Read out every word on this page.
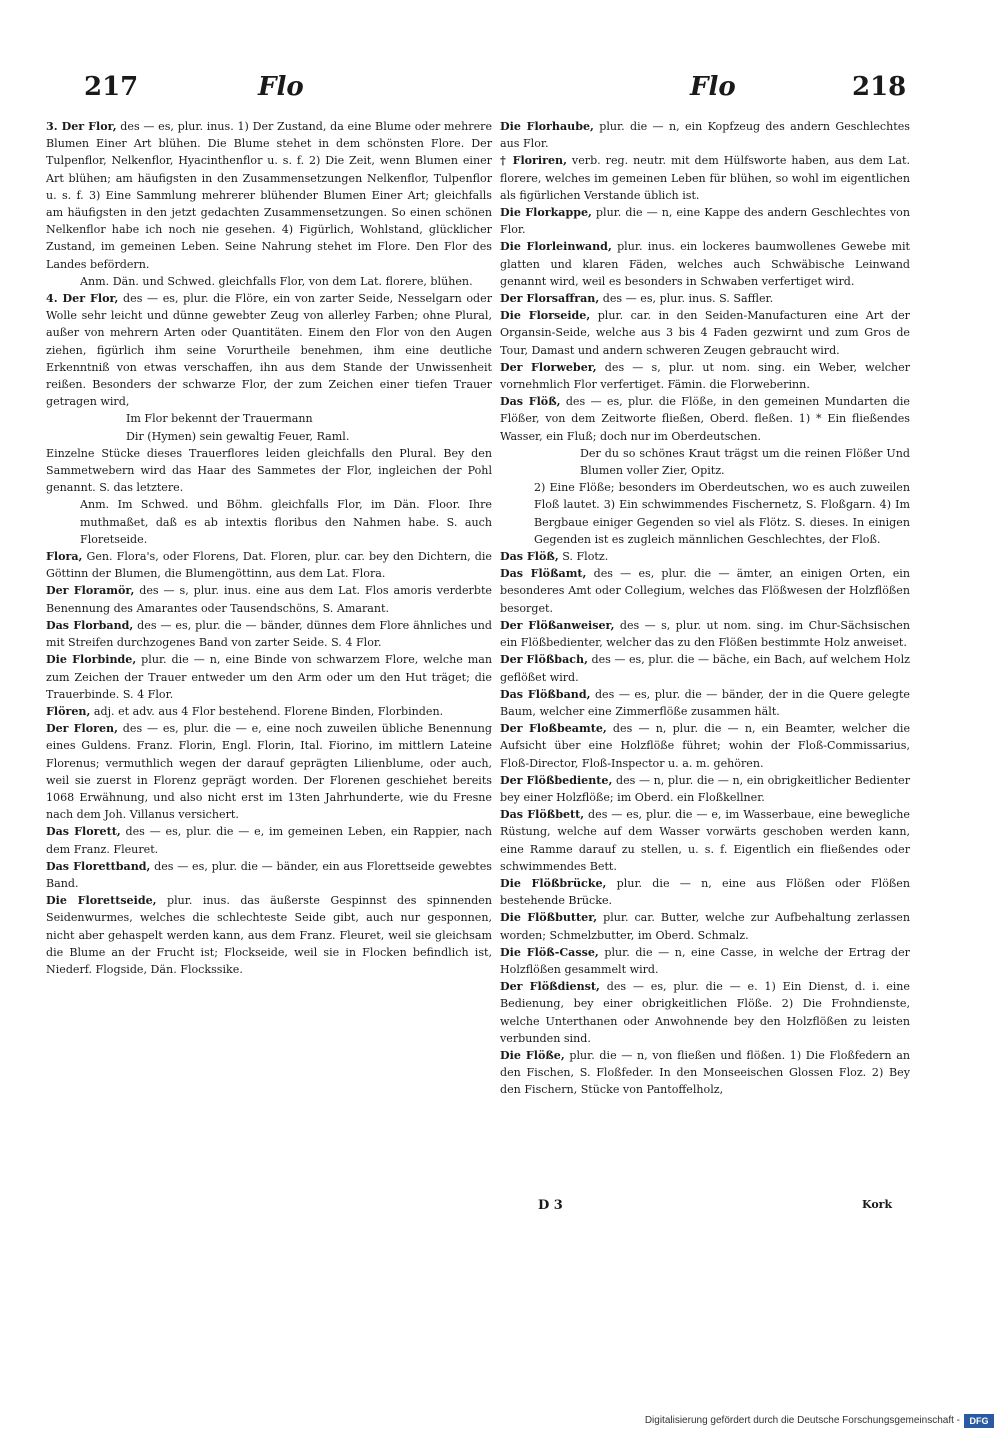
217	Flo	Flo	218

3. Der Flor, des — es, plur. inus. 1) Der Zustand, da eine Blume oder mehrere Blumen Einer Art blühen. Die Blume stehet in dem schönsten Flore. Der Tulpenflor, Nelkenflor, Hyacinthenflor u. s. f. 2) Die Zeit, wenn Blumen einer Art blühen; am häufigsten in den Zusammensetzungen Nelkenflor, Tulpenflor u. s. f. 3) Eine Sammlung mehrerer blühender Blumen Einer Art; gleichfalls am häufigsten in den jetzt gedachten Zusammensetzungen. So einen schönen Nelkenflor habe ich noch nie gesehen. 4) Figürlich, Wohlstand, glücklicher Zustand, im gemeinen Leben. Seine Nahrung stehet im Flore. Den Flor des Landes befördern.

Anm. Dän. und Schwed. gleichfalls Flor, von dem Lat. florere, blühen.

4. Der Flor, des — es, plur. die Flöre, ein von zarter Seide, Nesselgarn oder Wolle sehr leicht und dünne gewebter Zeug von allerley Farben; ohne Plural, außer von mehrern Arten oder Quantitäten. Einem den Flor von den Augen ziehen, figürlich ihm seine Vorurtheile benehmen, ihm eine deutliche Erkenntniß von etwas verschaffen, ihn aus dem Stande der Unwissenheit reißen. Besonders der schwarze Flor, der zum Zeichen einer tiefen Trauer getragen wird,

Im Flor bekennt der Trauermann

Dir (Hymen) sein gewaltig Feuer, Raml.

Einzelne Stücke dieses Trauerflores leiden gleichfalls den Plural. Bey den Sammetwebern wird das Haar des Sammetes der Flor, ingleichen der Pohl genannt. S. das letztere.

Anm. Im Schwed. und Böhm. gleichfalls Flor, im Dän. Floor. Ihre muthmaßet, daß es ab intextis floribus den Nahmen habe. S. auch Floretseide.

Flora, Gen. Flora's, oder Florens, Dat. Floren, plur. car. bey den Dichtern, die Göttinn der Blumen, die Blumengöttinn, aus dem Lat. Flora.

Der Floramör, des — s, plur. inus. eine aus dem Lat. Flos amoris verderbte Benennung des Amarantes oder Tausendschöns, S. Amarant.

Das Florband, des — es, plur. die — bänder, dünnes dem Flore ähnliches und mit Streifen durchzogenes Band von zarter Seide. S. 4 Flor.

Die Florbinde, plur. die — n, eine Binde von schwarzem Flore, welche man zum Zeichen der Trauer entweder um den Arm oder um den Hut träget; die Trauerbinde. S. 4 Flor.

Flören, adj. et adv. aus 4 Flor bestehend. Florene Binden, Florbinden.

Der Floren, des — es, plur. die — e, eine noch zuweilen übliche Benennung eines Guldens. Franz. Florin, Engl. Florin, Ital. Fiorino, im mittlern Lateine Florenus; vermuthlich wegen der darauf geprägten Lilienblume, oder auch, weil sie zuerst in Florenz geprägt worden. Der Florenen geschiehet bereits 1068 Erwähnung, und also nicht erst im 13ten Jahrhunderte, wie du Fresne nach dem Joh. Villanus versichert.

Das Florett, des — es, plur. die — e, im gemeinen Leben, ein Rappier, nach dem Franz. Fleuret.

Das Florettband, des — es, plur. die — bänder, ein aus Florettseide gewebtes Band.

Die Florettseide, plur. inus. das äußerste Gespinnst des spinnenden Seidenwurmes, welches die schlechteste Seide gibt, auch nur gesponnen, nicht aber gehaspelt werden kann, aus dem Franz. Fleuret, weil sie gleichsam die Blume an der Frucht ist; Flockseide, weil sie in Flocken befindlich ist, Niederf. Flogside, Dän. Flockssike.

Die Florhaube, plur. die — n, ein Kopfzeug des andern Geschlechtes aus Flor.

† Floriren, verb. reg. neutr. mit dem Hülfsworte haben, aus dem Lat. florere, welches im gemeinen Leben für blühen, so wohl im eigentlichen als figürlichen Verstande üblich ist.

Die Florkappe, plur. die — n, eine Kappe des andern Geschlechtes von Flor.

Die Florleinwand, plur. inus. ein lockeres baumwollenes Gewebe mit glatten und klaren Fäden, welches auch Schwäbische Leinwand genannt wird, weil es besonders in Schwaben verfertiget wird.

Der Florsaffran, des — es, plur. inus. S. Saffler.

Die Florseide, plur. car. in den Seiden-Manufacturen eine Art der Organsin-Seide, welche aus 3 bis 4 Faden gezwirnt und zum Gros de Tour, Damast und andern schweren Zeugen gebraucht wird.

Der Florweber, des — s, plur. ut nom. sing. ein Weber, welcher vornehmlich Flor verfertiget. Fämin. die Florweberinn.

Das Flöß, des — es, plur. die Flöße, in den gemeinen Mundarten die Flößer, von dem Zeitworte fließen, Oberd. fleßen. 1) * Ein fließendes Wasser, ein Fluß; doch nur im Oberdeutschen.

Der du so schönes Kraut trägst um die reinen Flößer Und Blumen voller Zier, Opitz.

2) Eine Flöße; besonders im Oberdeutschen, wo es auch zuweilen Floß lautet. 3) Ein schwimmendes Fischernetz, S. Floßgarn. 4) Im Bergbaue einiger Gegenden so viel als Flötz. S. dieses. In einigen Gegenden ist es zugleich männlichen Geschlechtes, der Floß.

Das Flöß, S. Flotz.

Das Flößamt, des — es, plur. die — ämter, an einigen Orten, ein besonderes Amt oder Collegium, welches das Flößwesen der Holzflößen besorget.

Der Flößanweiser, des — s, plur. ut nom. sing. im Chur-Sächsischen ein Flößbedienter, welcher das zu den Flößen bestimmte Holz anweiset.

Der Flößbach, des — es, plur. die — bäche, ein Bach, auf welchem Holz geflößet wird.

Das Flößband, des — es, plur. die — bänder, der in die Quere gelegte Baum, welcher eine Zimmerflöße zusammen hält.

Der Floßbeamte, des — n, plur. die — n, ein Beamter, welcher die Aufsicht über eine Holzflöße führet; wohin der Floß-Commissarius, Floß-Director, Floß-Inspector u. a. m. gehören.

Der Flößbediente, des — n, plur. die — n, ein obrigkeitlicher Bedienter bey einer Holzflöße; im Oberd. ein Floßkellner.

Das Flößbett, des — es, plur. die — e, im Wasserbaue, eine bewegliche Rüstung, welche auf dem Wasser vorwärts geschoben werden kann, eine Ramme darauf zu stellen, u. s. f. Eigentlich ein fließendes oder schwimmendes Bett.

Die Flößbrücke, plur. die — n, eine aus Flößen oder Flößen bestehende Brücke.

Die Flößbutter, plur. car. Butter, welche zur Aufbehaltung zerlassen worden; Schmelzbutter, im Oberd. Schmalz.

Die Flöß-Casse, plur. die — n, eine Casse, in welche der Ertrag der Holzflößen gesammelt wird.

Der Flößdienst, des — es, plur. die — e. 1) Ein Dienst, d. i. eine Bedienung, bey einer obrigkeitlichen Flöße. 2) Die Frohndienste, welche Unterthanen oder Anwohnende bey den Holzflößen zu leisten verbunden sind.

Die Flöße, plur. die — n, von fließen und flößen. 1) Die Floßfedern an den Fischen, S. Floßfeder. In den Monseeischen Glossen Floz. 2) Bey den Fischern, Stücke von Pantoffelholz,

D 3	Kork
Digitalisierung gefördert durch die Deutsche Forschungsgemeinschaft -	DFG
